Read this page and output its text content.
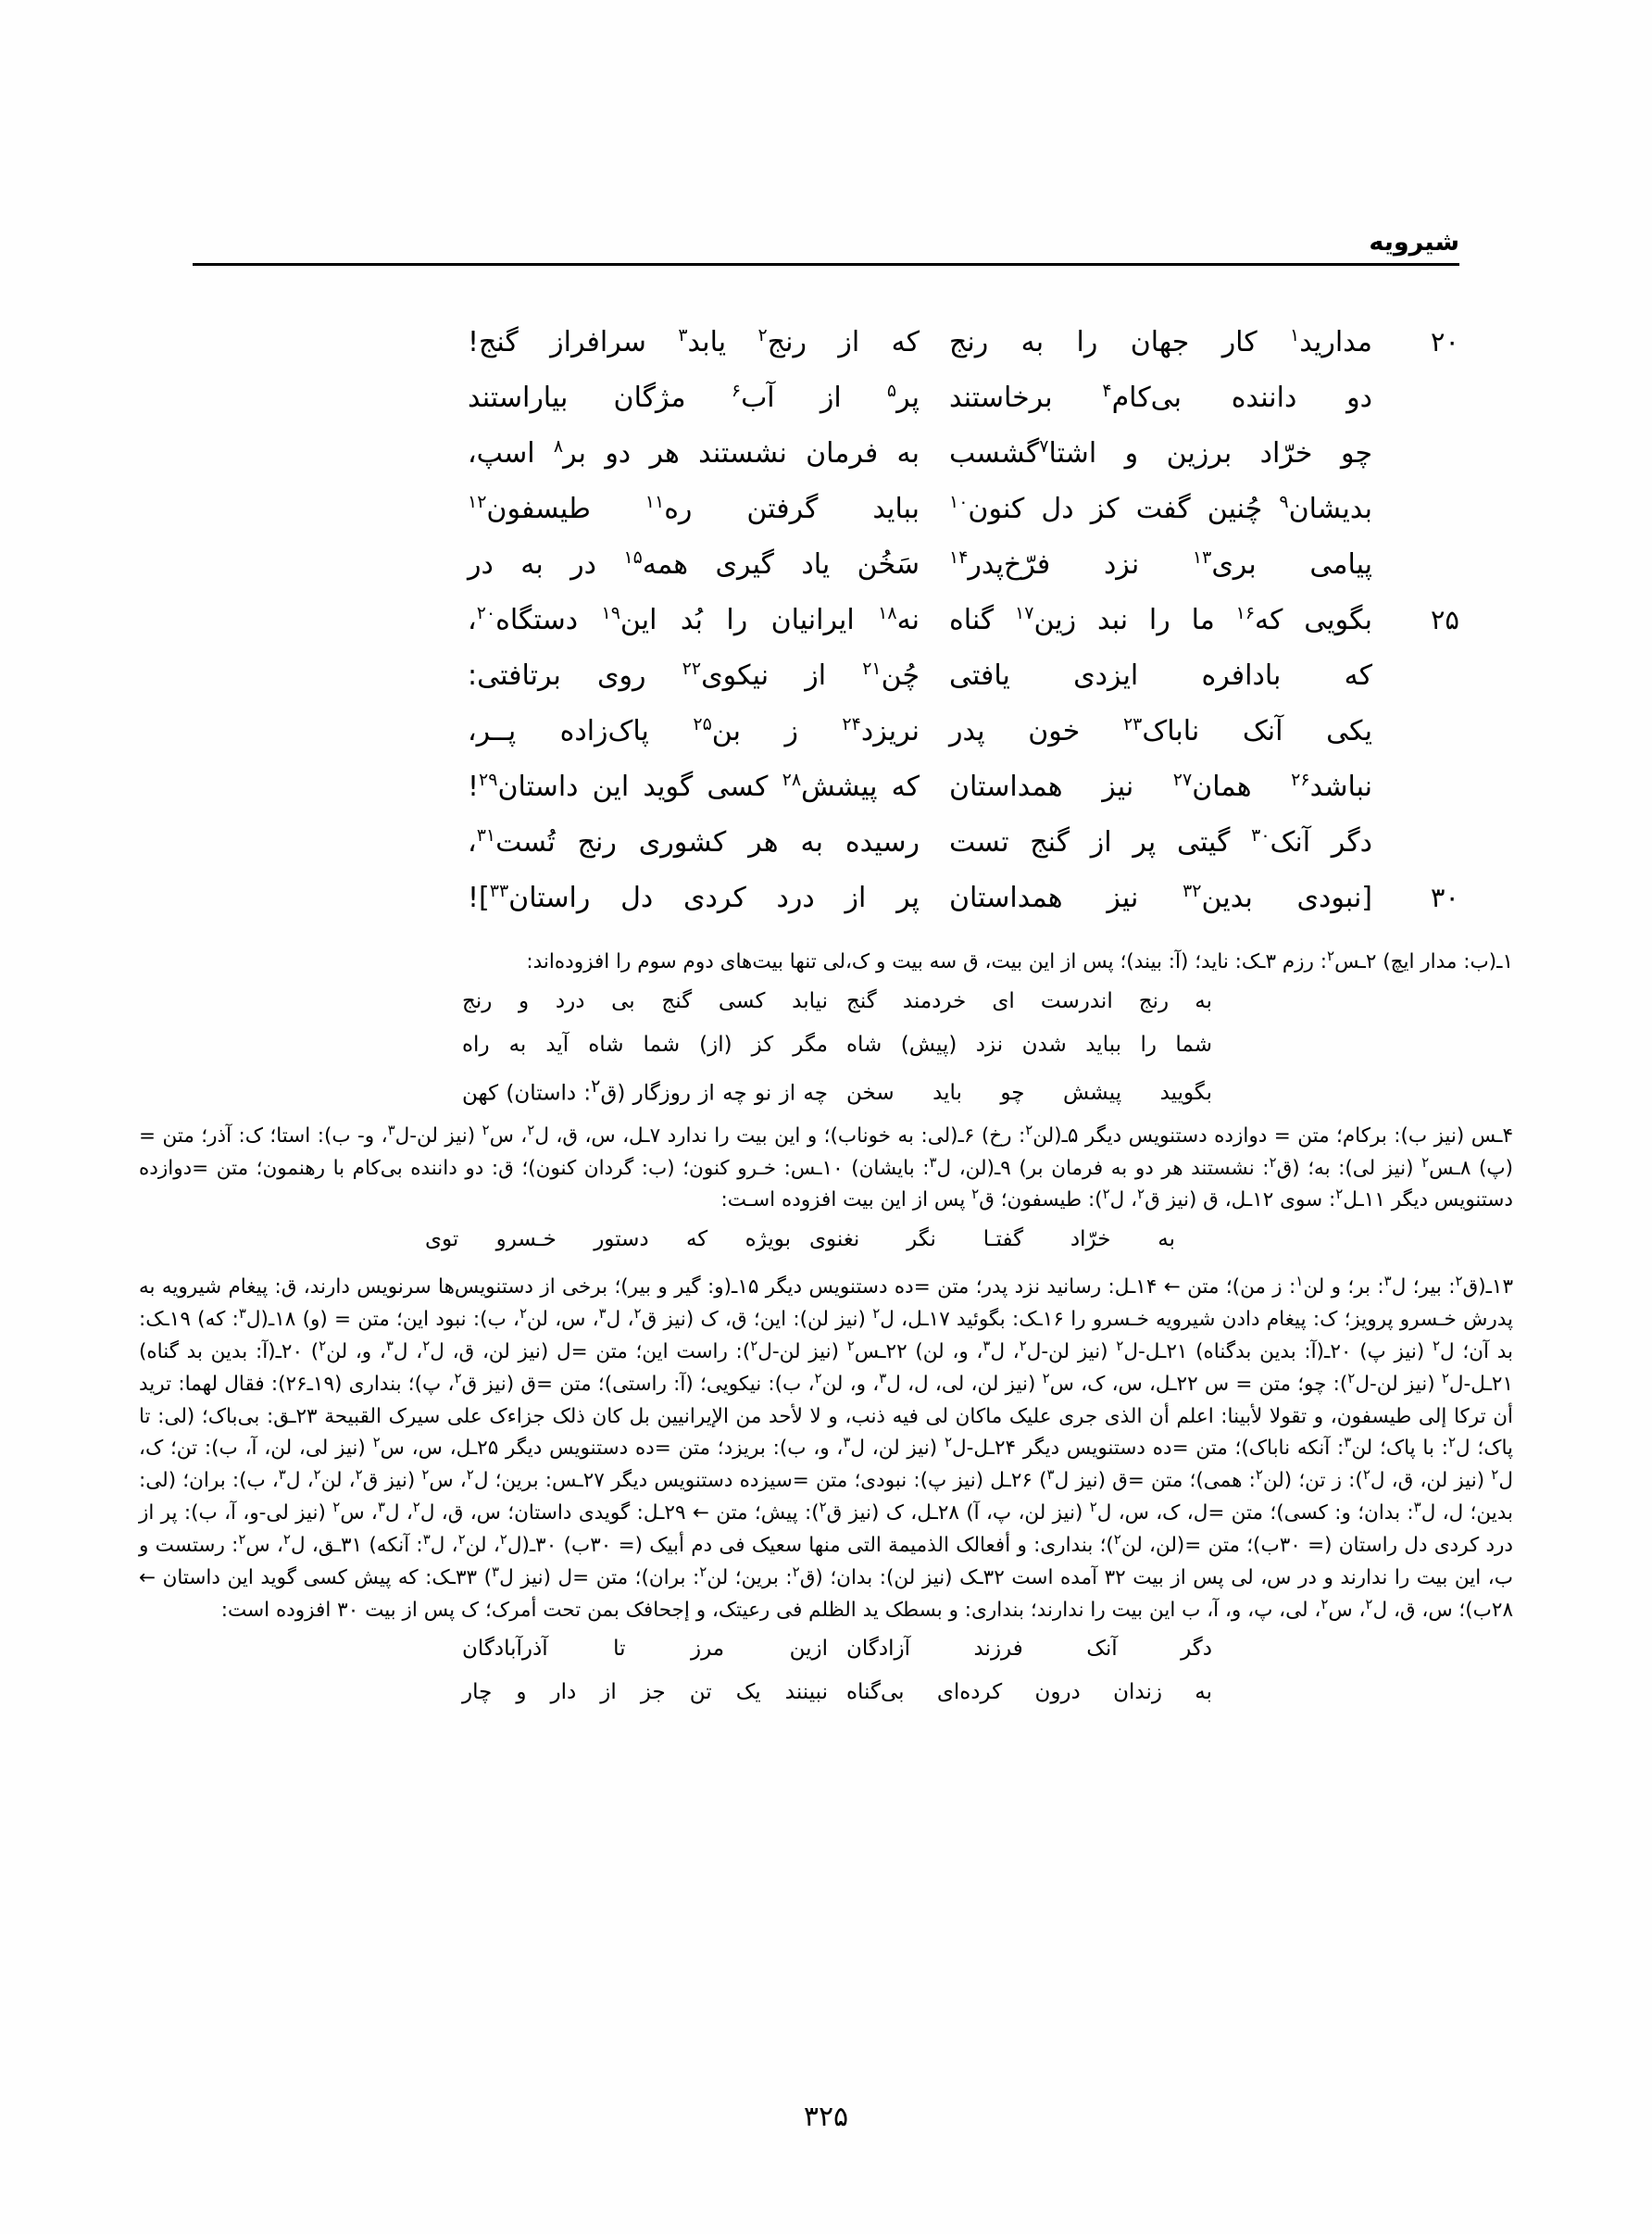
شیرویه
۲۰
مدارید$^۱$ کار جهان را به رنج
که از رنج$^۲$ یابد$^۳$ سرافراز گنج!
دو داننده بی‌کام$^۴$ برخاستند
پر$^۵$ از آب$^۶$ مژگان بیاراستند
چو خرّاد برزین و اشتا$^۷$گشسب
به فرمان نشستند هر دو بر$^۸$ اسپ،
بدیشان$^۹$ چُنین گفت کز دل کنون$^{۱۰}$
بباید گرفتن ره$^{۱۱}$ طیسفون$^{۱۲}$
پیامی بری$^{۱۳}$ نزد فرّخ‌پدر$^{۱۴}$
سَخُن یاد گیری همه$^{۱۵}$ در به در
۲۵
بگویی که$^{۱۶}$ ما را نبد زین$^{۱۷}$ گناه
نه$^{۱۸}$ ایرانیان را بُد این$^{۱۹}$ دستگاه$^{۲۰}$،
که بادافره ایزدی یافتی
چُن$^{۲۱}$ از نیکوی$^{۲۲}$ روی برتافتی:
یکی آنک ناباک$^{۲۳}$ خون پدر
نریزد$^{۲۴}$ ز بن$^{۲۵}$ پاک‌زاده پــر،
نباشد$^{۲۶}$ همان$^{۲۷}$ نیز همداستان
که پیشش$^{۲۸}$ کسی گوید این داستان$^{۲۹}$!
دگر آنک$^{۳۰}$ گیتی پر از گنج تست
رسیده به هر کشوری رنج تُست$^{۳۱}$،
۳۰
[نبودی بدین$^{۳۲}$ نیز همداستان
پر از درد کردی دل راستان$^{۳۳}$]!
۱ـ(ب: مدار ایچ) ۲ـس$^۲$: رزم ۳ـک: ناید؛ (آ: بیند)؛ پس از این بیت، ق سه بیت و ک،لی تنها بیت‌های دوم سوم را افزوده‌اند:
به رنج اندرست ای خردمند گنج
نیابد کسی گنج بی درد و رنج
شما را بباید شدن نزد (پیش) شاه
مگر کز (از) شما شاه آید به راه
بگویید پیشش چو باید سخن
چه از نو چه از روزگار (ق$^۲$: داستان) کهن
۴ـس (نیز ب): برکام؛ متن = دوازده دستنویس دیگر ۵ـ(لن$^۲$: رخ) ۶ـ(لی: به خوناب)؛ و این بیت را ندارد ۷ـل، س، ق، ل$^۲$، س$^۲$ (نیز لن-ل$^۳$، و- ب): استا؛ ک: آذر؛ متن = (پ) ۸ـس$^۲$ (نیز لی): به؛ (ق$^۲$: نشستند هر دو به فرمان بر) ۹ـ(لن، ل$^۳$: بایشان) ۱۰ـس: خـرو کنون؛ (ب: گردان کنون)؛ ق: دو داننده بی‌کام با رهنمون؛ متن =دوازده دستنویس دیگر ۱۱ـل$^۲$: سوی ۱۲ـل، ق (نیز ق$^۲$، ل$^۲$): طیسفون؛ ق$^۲$ پس از این بیت افزوده اسـت:
به خرّاد گفتـا نگر نغنوی
بویژه که دستور خـسرو توی
۱۳ـ(ق$^۲$: بیر؛ ل$^۳$: بر؛ و لن$^۱$: ز من)؛ متن ← ۱۴ـل: رسانید نزد پدر؛ متن =ده دستنویس دیگر ۱۵ـ(و: گیر و بیر)؛ برخی از دستنویس‌ها سرنویس دارند، ق: پیغام شیرویه به پدرش خـسرو پرویز؛ ک: پیغام دادن شیرویه خـسرو را ۱۶ـک: بگوئید ۱۷ـل، ل$^۲$ (نیز لن): این؛ ق، ک (نیز ق$^۲$، ل$^۳$، س، لن$^۲$، ب): نبود این؛ متن = (و) ۱۸ـ(ل$^۳$: که) ۱۹ـک: بد آن؛ ل$^۲$ (نیز پ) ۲۰ـ(آ: بدین بدگناه) ۲۱ـل-ل$^۲$ (نیز لن-ل$^۲$، ل$^۳$، و، لن) ۲۲ـس$^۲$ (نیز لن-ل$^۲$): راست این؛ متن =ل (نیز لن، ق، ل$^۲$، ل$^۳$، و، لن$^۲$) ۲۰ـ(آ: بدین بد گناه) ۲۱ـل-ل$^۲$ (نیز لن-ل$^۲$): چو؛ متن = س ۲۲ـل، س، ک، س$^۲$ (نیز لن، لی، ل، ل$^۳$، و، لن$^۲$، ب): نیکویی؛ (آ: راستی)؛ متن =ق (نیز ق$^۲$، پ)؛ بنداری (۱۹ـ۲۶): فقال لهما: ترید أن ترکا إلی طیسفون، و تقولا لأبینا: اعلم أن الذی جری علیک ماکان لی فیه ذنب، و لا لأحد من الإیرانیین بل کان ذلک جزاءک علی سیرک القبیحة ۲۳ـق: بی‌باک؛ (لی: تا پاک؛ ل$^۲$: با پاک؛ لن$^۳$: آنکه ناباک)؛ متن =ده دستنویس دیگر ۲۴ـل-ل$^۲$ (نیز لن، ل$^۳$، و، ب): بریزد؛ متن =ده دستنویس دیگر ۲۵ـل، س، س$^۲$ (نیز لی، لن، آ، ب): تن؛ ک، ل$^۲$ (نیز لن، ق، ل$^۲$): ز تن؛ (لن$^۲$: همی)؛ متن =ق (نیز ل$^۳$) ۲۶ـل (نیز پ): نبودی؛ متن =سیزده دستنویس دیگر ۲۷ـس: برین؛ ل$^۲$، س$^۲$ (نیز ق$^۲$، لن$^۲$، ل$^۳$، ب): بران؛ (لی: بدین؛ ل، ل$^۳$: بدان؛ و: کسی)؛ متن =ل، ک، س، ل$^۲$ (نیز لن، پ، آ) ۲۸ـل، ک (نیز ق$^۲$): پیش؛ متن ← ۲۹ـل: گویدی داستان؛ س، ق، ل$^۲$، ل$^۳$، س$^۲$ (نیز لی-و، آ، ب): پر از درد کردی دل راستان (= ۳۰ب)؛ متن =(لن، لن$^۲$)؛ بنداری: و أفعالک الذمیمة التی منها سعیک فی دم أبیک (= ۳۰ب) ۳۰ـ(ل$^۲$، لن$^۲$، ل$^۳$: آنکه) ۳۱ـق، ل$^۲$، س$^۲$: رستست و ب، این بیت را ندارند و در س، لی پس از بیت ۳۲ آمده است ۳۲ـک (نیز لن): بدان؛ (ق$^۲$: برین؛ لن$^۲$: بران)؛ متن =ل (نیز ل$^۳$) ۳۳ـک: که پیش کسی گوید این داستان ← ۲۸ب)؛ س، ق، ل$^۲$، س$^۲$، لی، پ، و، آ، ب این بیت را ندارند؛ بنداری: و بسطک ید الظلم فی رعیتک، و إجحافک بمن تحت أمرک؛ ک پس از بیت ۳۰ افزوده است:
دگر آنک فرزند آزادگان
ازین مرز تا آذرآبادگان
به زندان درون کرده‌ای بی‌گناه
نبینند یک تن جز از دار و چار
۳۲۵
